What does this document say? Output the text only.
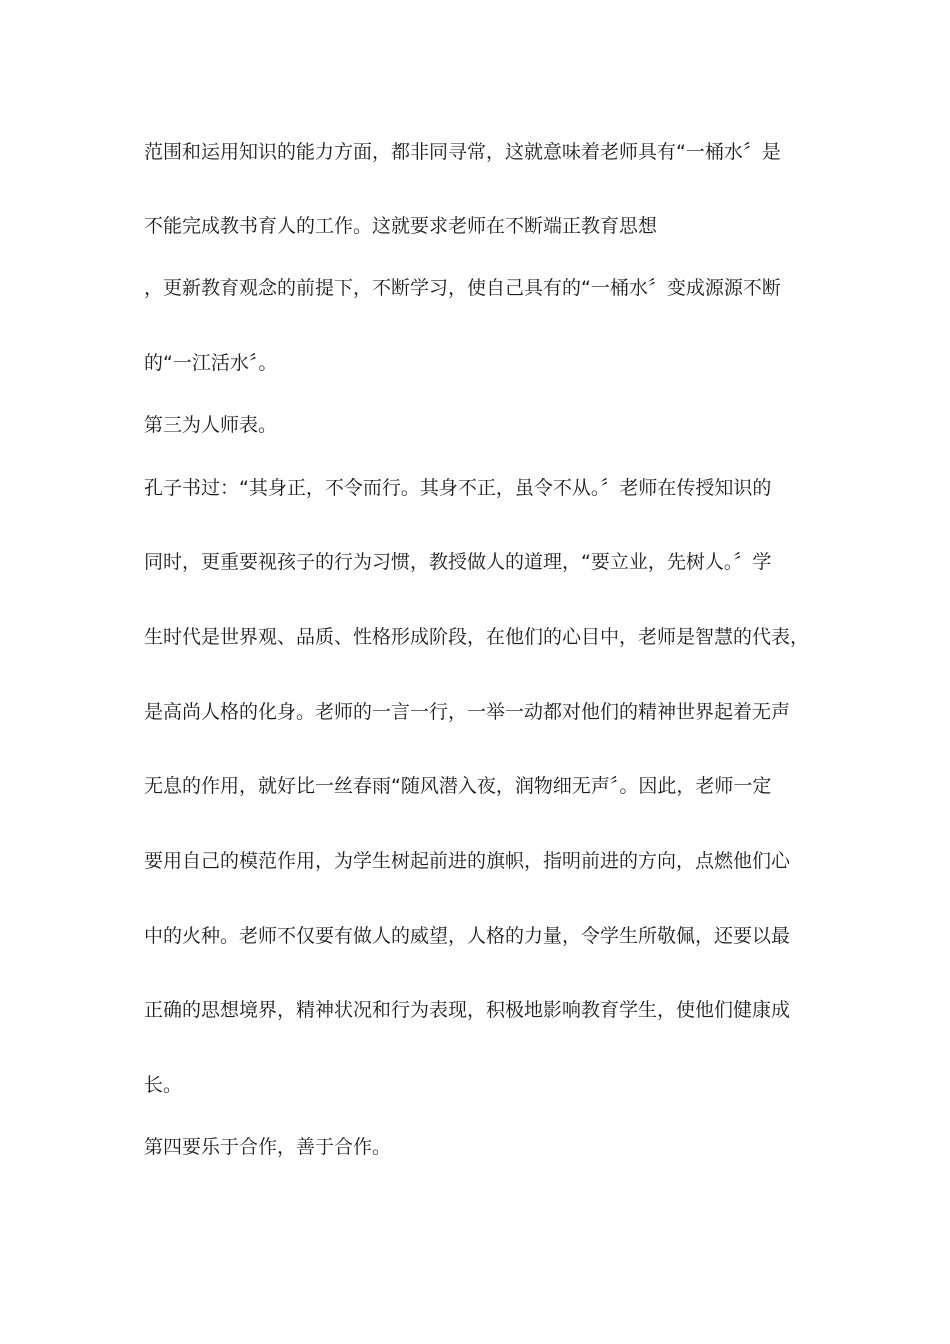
范围和运用知识的能力方面，都非同寻常，这就意味着老师具有“一桶水〞是
不能完成教书育人的工作。这就要求老师在不断端正教育思想
，更新教育观念的前提下，不断学习，使自己具有的“一桶水〞变成源源不断
的“一江活水〞。
第三为人师表。
孔子书过：“其身正，不令而行。其身不正，虽令不从。〞老师在传授知识的
同时，更重要视孩子的行为习惯，教授做人的道理，“要立业，先树人。〞学
生时代是世界观、品质、性格形成阶段，在他们的心目中，老师是智慧的代表，
是高尚人格的化身。老师的一言一行，一举一动都对他们的精神世界起着无声
无息的作用，就好比一丝春雨“随风潜入夜，润物细无声〞。因此，老师一定
要用自己的模范作用，为学生树起前进的旗帜，指明前进的方向，点燃他们心
中的火种。老师不仅要有做人的威望，人格的力量，令学生所敬佩，还要以最
正确的思想境界，精神状况和行为表现，积极地影响教育学生，使他们健康成
长。
第四要乐于合作，善于合作。
